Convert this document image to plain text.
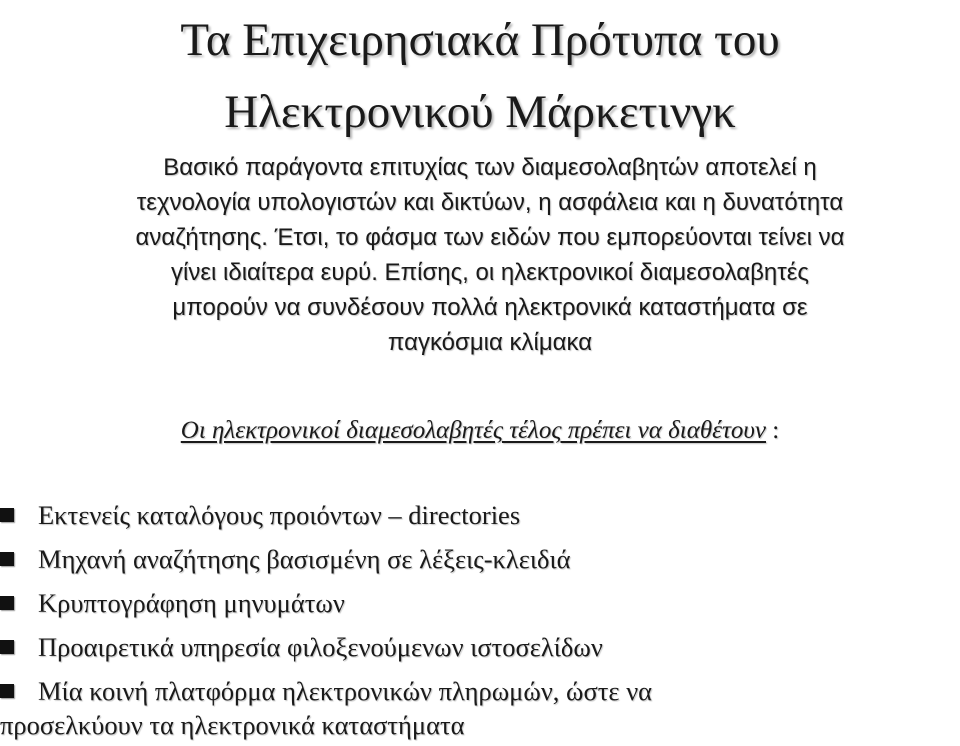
Τα Επιχειρησιακά Πρότυπα του
Ηλεκτρονικού Μάρκετινγκ
Βασικό παράγοντα επιτυχίας των διαμεσολαβητών αποτελεί η
τεχνολογία υπολογιστών και δικτύων, η ασφάλεια και η δυνατότητα
αναζήτησης. Έτσι, το φάσμα των ειδών που εμπορεύονται τείνει να
γίνει ιδιαίτερα ευρύ. Επίσης, οι ηλεκτρονικοί διαμεσολαβητές
μπορούν να συνδέσουν πολλά ηλεκτρονικά καταστήματα σε
παγκόσμια κλίμακα
Οι ηλεκτρονικοί διαμεσολαβητές τέλος πρέπει να διαθέτουν :
Εκτενείς καταλόγους προιόντων – directories
Μηχανή αναζήτησης βασισμένη σε λέξεις-κλειδιά
Κρυπτογράφηση μηνυμάτων
Προαιρετικά υπηρεσία φιλοξενούμενων ιστοσελίδων
Μία κοινή πλατφόρμα ηλεκτρονικών πληρωμών, ώστε να
προσελκύουν τα ηλεκτρονικά καταστήματα
